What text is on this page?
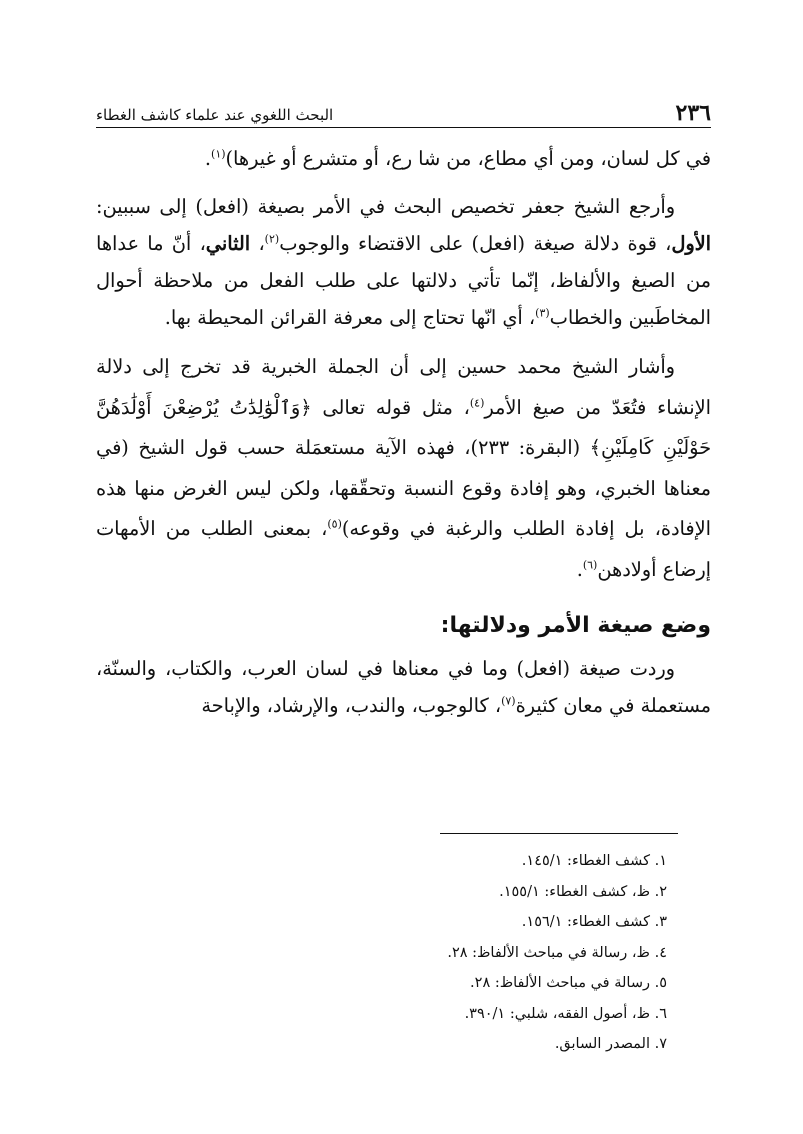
٢٣٦
البحث اللغوي عند علماء كاشف الغطاء

في كل لسان، ومن أي مطاع، من شا رع، أو متشرع أو غيرها)$^{(١)}$.

وأرجع الشيخ جعفر تخصيص البحث في الأمر بصيغة (افعل) إلى سببين: الأول، قوة دلالة صيغة (افعل) على الاقتضاء والوجوب$^{(٢)}$، الثاني، أنّ ما عداها من الصيغ والألفاظ، إنّما تأتي دلالتها على طلب الفعل من ملاحظة أحوال المخاطَبين والخطاب$^{(٣)}$، أي انّها تحتاج إلى معرفة القرائن المحيطة بها.

وأشار الشيخ محمد حسين إلى أن الجملة الخبرية قد تخرج إلى دلالة الإنشاء فتُعَدّ من صيغ الأمر$^{(٤)}$، مثل قوله تعالى ﴿وَٱلْوَٰلِدَٰتُ يُرْضِعْنَ أَوْلَٰدَهُنَّ حَوْلَيْنِ كَامِلَيْنِ﴾ (البقرة: ٢٣٣)، فهذه الآية مستعمَلة حسب قول الشيخ (في معناها الخبري، وهو إفادة وقوع النسبة وتحقّقها، ولكن ليس الغرض منها هذه الإفادة، بل إفادة الطلب والرغبة في وقوعه)$^{(٥)}$، بمعنى الطلب من الأمهات إرضاع أولادهن$^{(٦)}$.

وضع صيغة الأمر ودلالتها:

وردت صيغة (افعل) وما في معناها في لسان العرب، والكتاب، والسنّة، مستعملة في معان كثيرة$^{(٧)}$، كالوجوب، والندب، والإرشاد، والإباحة

١. كشف الغطاء: ١٤٥/١.
٢. ظ، كشف الغطاء: ١٥٥/١.
٣. كشف الغطاء: ١٥٦/١.
٤. ظ، رسالة في مباحث الألفاظ: ٢٨.
٥. رسالة في مباحث الألفاظ: ٢٨.
٦. ظ، أصول الفقه، شلبي: ٣٩٠/١.
٧. المصدر السابق.
